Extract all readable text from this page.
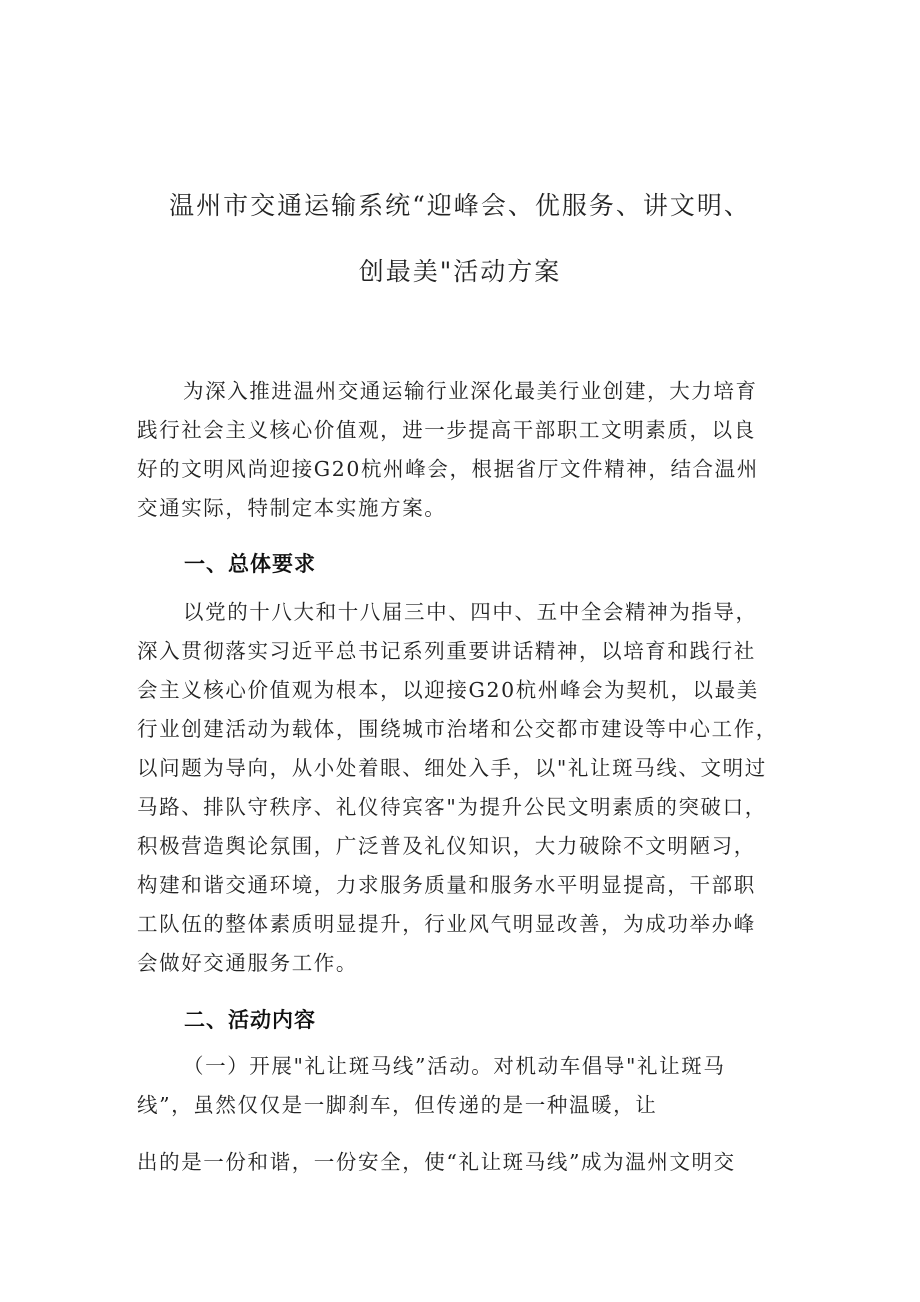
温州市交通运输系统“迎峰会、优服务、讲文明、
创最美"活动方案
为深入推进温州交通运输行业深化最美行业创建，大力培育
践行社会主义核心价值观，进一步提高干部职工文明素质，以良
好的文明风尚迎接G20杭州峰会，根据省厅文件精神，结合温州
交通实际，特制定本实施方案。
一、总体要求
以党的十八大和十八届三中、四中、五中全会精神为指导，
深入贯彻落实习近平总书记系列重要讲话精神，以培育和践行社
会主义核心价值观为根本，以迎接G20杭州峰会为契机，以最美
行业创建活动为载体，围绕城市治堵和公交都市建设等中心工作，
以问题为导向，从小处着眼、细处入手，以"礼让斑马线、文明过
马路、排队守秩序、礼仪待宾客"为提升公民文明素质的突破口，
积极营造舆论氛围，广泛普及礼仪知识，大力破除不文明陋习，
构建和谐交通环境，力求服务质量和服务水平明显提高，干部职
工队伍的整体素质明显提升，行业风气明显改善，为成功举办峰
会做好交通服务工作。
二、活动内容
（一）开展"礼让斑马线”活动。对机动车倡导"礼让斑马
线”，虽然仅仅是一脚刹车，但传递的是一种温暖，让
出的是一份和谐，一份安全，使“礼让斑马线”成为温州文明交
